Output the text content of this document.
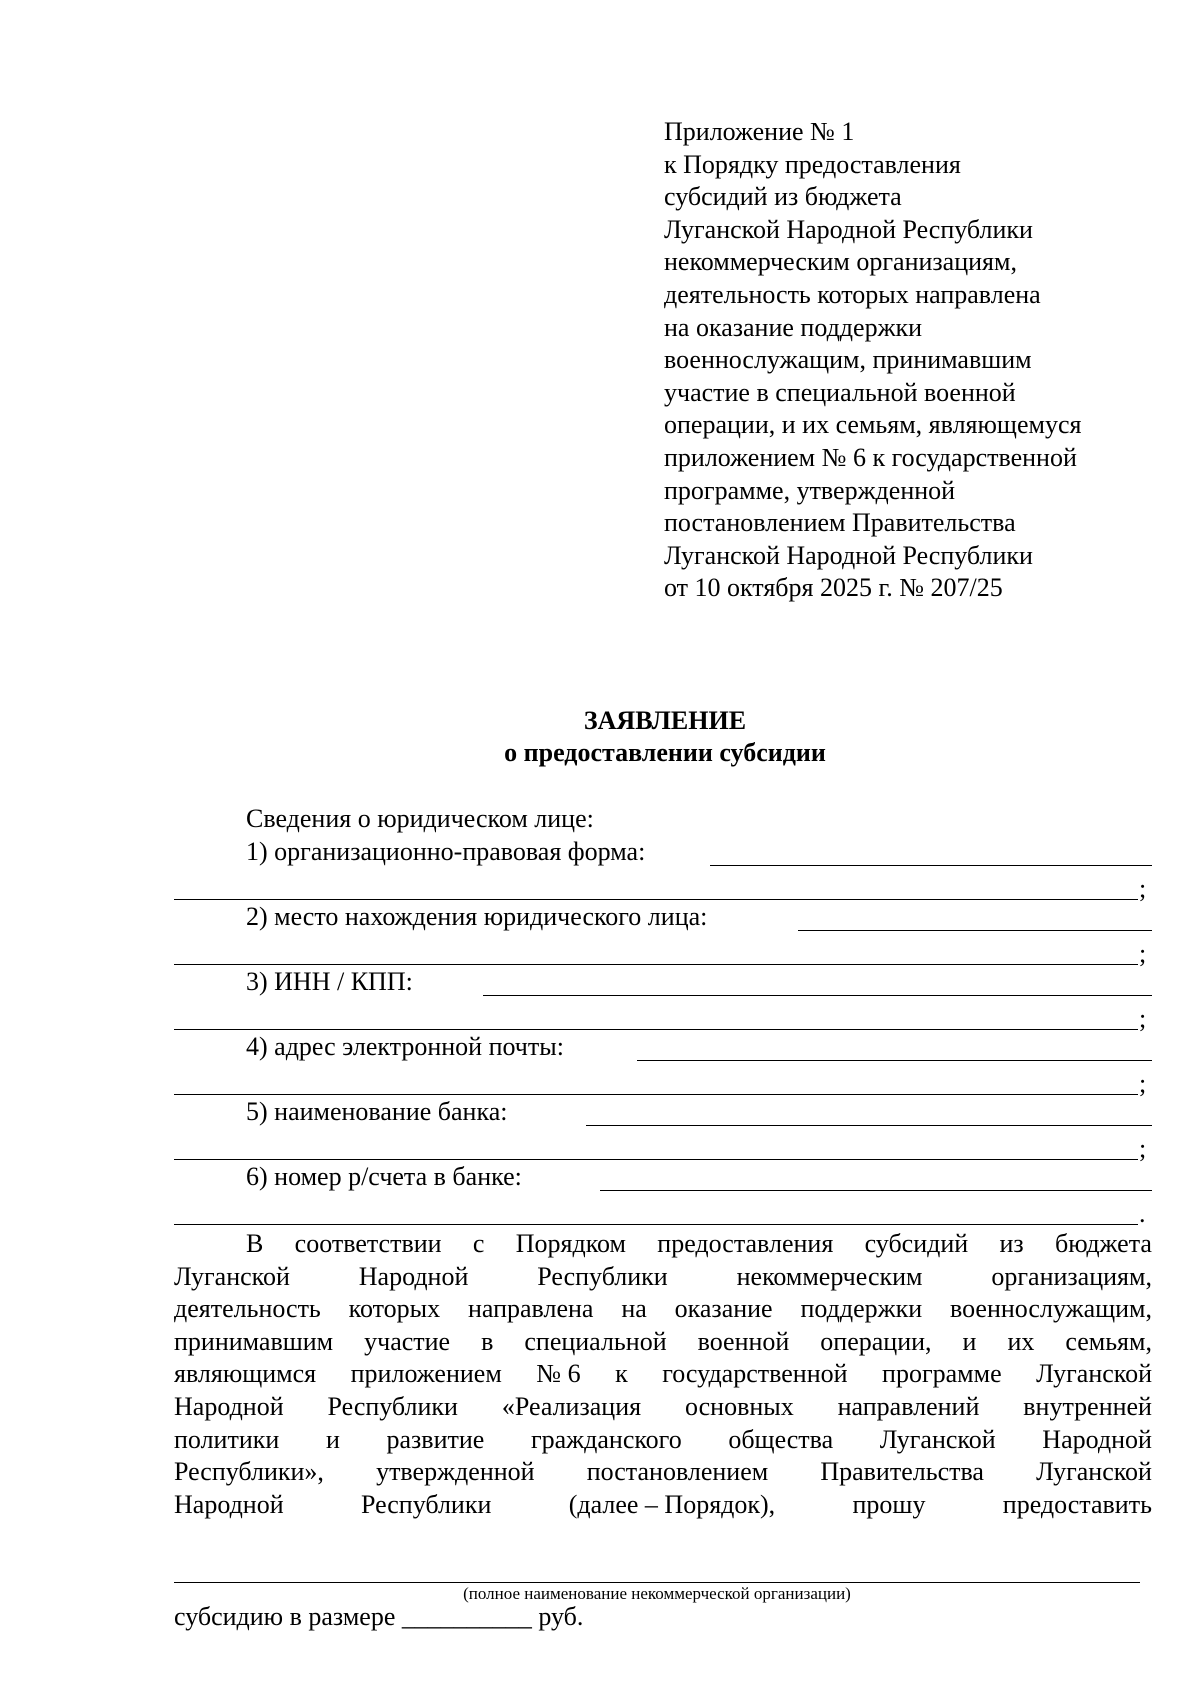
Приложение № 1
к Порядку предоставления
субсидий из бюджета
Луганской Народной Республики
некоммерческим организациям,
деятельность которых направлена
на оказание поддержки
военнослужащим, принимавшим
участие в специальной военной
операции, и их семьям, являющемуся
приложением № 6 к государственной
программе, утвержденной
постановлением Правительства
Луганской Народной Республики
от 10 октября 2025 г. № 207/25
ЗАЯВЛЕНИЕ
о предоставлении субсидии
Сведения о юридическом лице:
1) организационно-правовая форма:
;
2) место нахождения юридического лица:
;
3) ИНН / КПП:
;
4) адрес электронной почты:
;
5) наименование банка:
;
6) номер р/счета в банке:
.
В соответствии с Порядком предоставления субсидий из бюджета
Луганской	Народной	Республики	некоммерческим	организациям,
деятельность которых направлена на оказание поддержки военнослужащим,
принимавшим участие в специальной военной операции, и их семьям,
являющимся приложением № 6 к государственной программе Луганской
Народной Республики «Реализация основных направлений внутренней
политики и развитие гражданского общества Луганской Народной
Республики», утвержденной постановлением Правительства Луганской
Народной	Республики	(далее – Порядок),	прошу	предоставить
(полное наименование некоммерческой организации)
субсидию в размере __________ руб.
